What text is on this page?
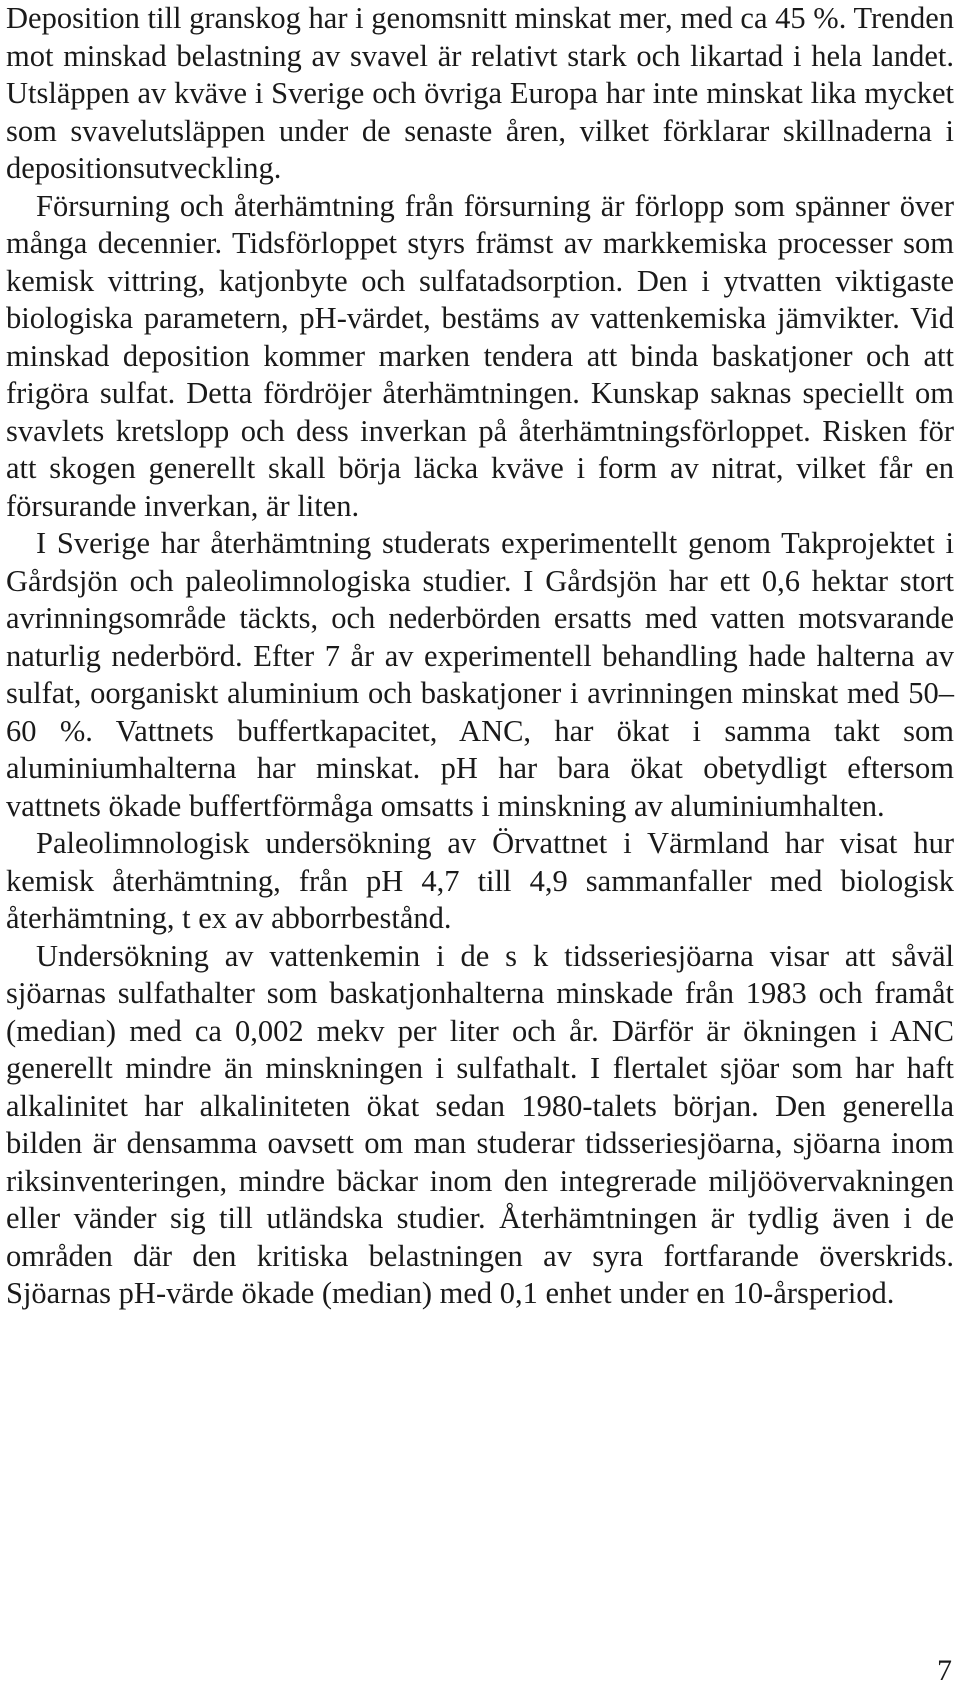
Deposition till granskog har i genomsnitt minskat mer, med ca 45 %. Trenden mot minskad belastning av svavel är relativt stark och likartad i hela landet. Utsläppen av kväve i Sverige och övriga Europa har inte minskat lika mycket som svavelutsläppen under de senaste åren, vilket förklarar skillnaderna i depositionsutveckling.

Försurning och återhämtning från försurning är förlopp som spänner över många decennier. Tidsförloppet styrs främst av markkemiska processer som kemisk vittring, katjonbyte och sulfatadsorption. Den i ytvatten viktigaste biologiska parametern, pH-värdet, bestäms av vattenkemiska jämvikter. Vid minskad deposition kommer marken tendera att binda baskatjoner och att frigöra sulfat. Detta fördröjer återhämtningen. Kunskap saknas speciellt om svavlets kretslopp och dess inverkan på återhämtningsförloppet. Risken för att skogen generellt skall börja läcka kväve i form av nitrat, vilket får en försurande inverkan, är liten.

I Sverige har återhämtning studerats experimentellt genom Takprojektet i Gårdsjön och paleolimnologiska studier. I Gårdsjön har ett 0,6 hektar stort avrinningsområde täckts, och nederbörden ersatts med vatten motsvarande naturlig nederbörd. Efter 7 år av experimentell behandling hade halterna av sulfat, oorganiskt aluminium och baskatjoner i avrinningen minskat med 50–60 %. Vattnets buffertkapacitet, ANC, har ökat i samma takt som aluminiumhalterna har minskat. pH har bara ökat obetydligt eftersom vattnets ökade buffertförmåga omsatts i minskning av aluminiumhalten.

Paleolimnologisk undersökning av Örvattnet i Värmland har visat hur kemisk återhämtning, från pH 4,7 till 4,9 sammanfaller med biologisk återhämtning, t ex av abborrbestånd.

Undersökning av vattenkemin i de s k tidsseriesjöarna visar att såväl sjöarnas sulfathalter som baskatjonhalterna minskade från 1983 och framåt (median) med ca 0,002 mekv per liter och år. Därför är ökningen i ANC generellt mindre än minskningen i sulfathalt. I flertalet sjöar som har haft alkalinitet har alkaliniteten ökat sedan 1980-talets början. Den generella bilden är densamma oavsett om man studerar tidsseriesjöarna, sjöarna inom riksinventeringen, mindre bäckar inom den integrerade miljöövervakningen eller vänder sig till utländska studier. Återhämtningen är tydlig även i de områden där den kritiska belastningen av syra fortfarande överskrids. Sjöarnas pH-värde ökade (median) med 0,1 enhet under en 10-årsperiod.

7
